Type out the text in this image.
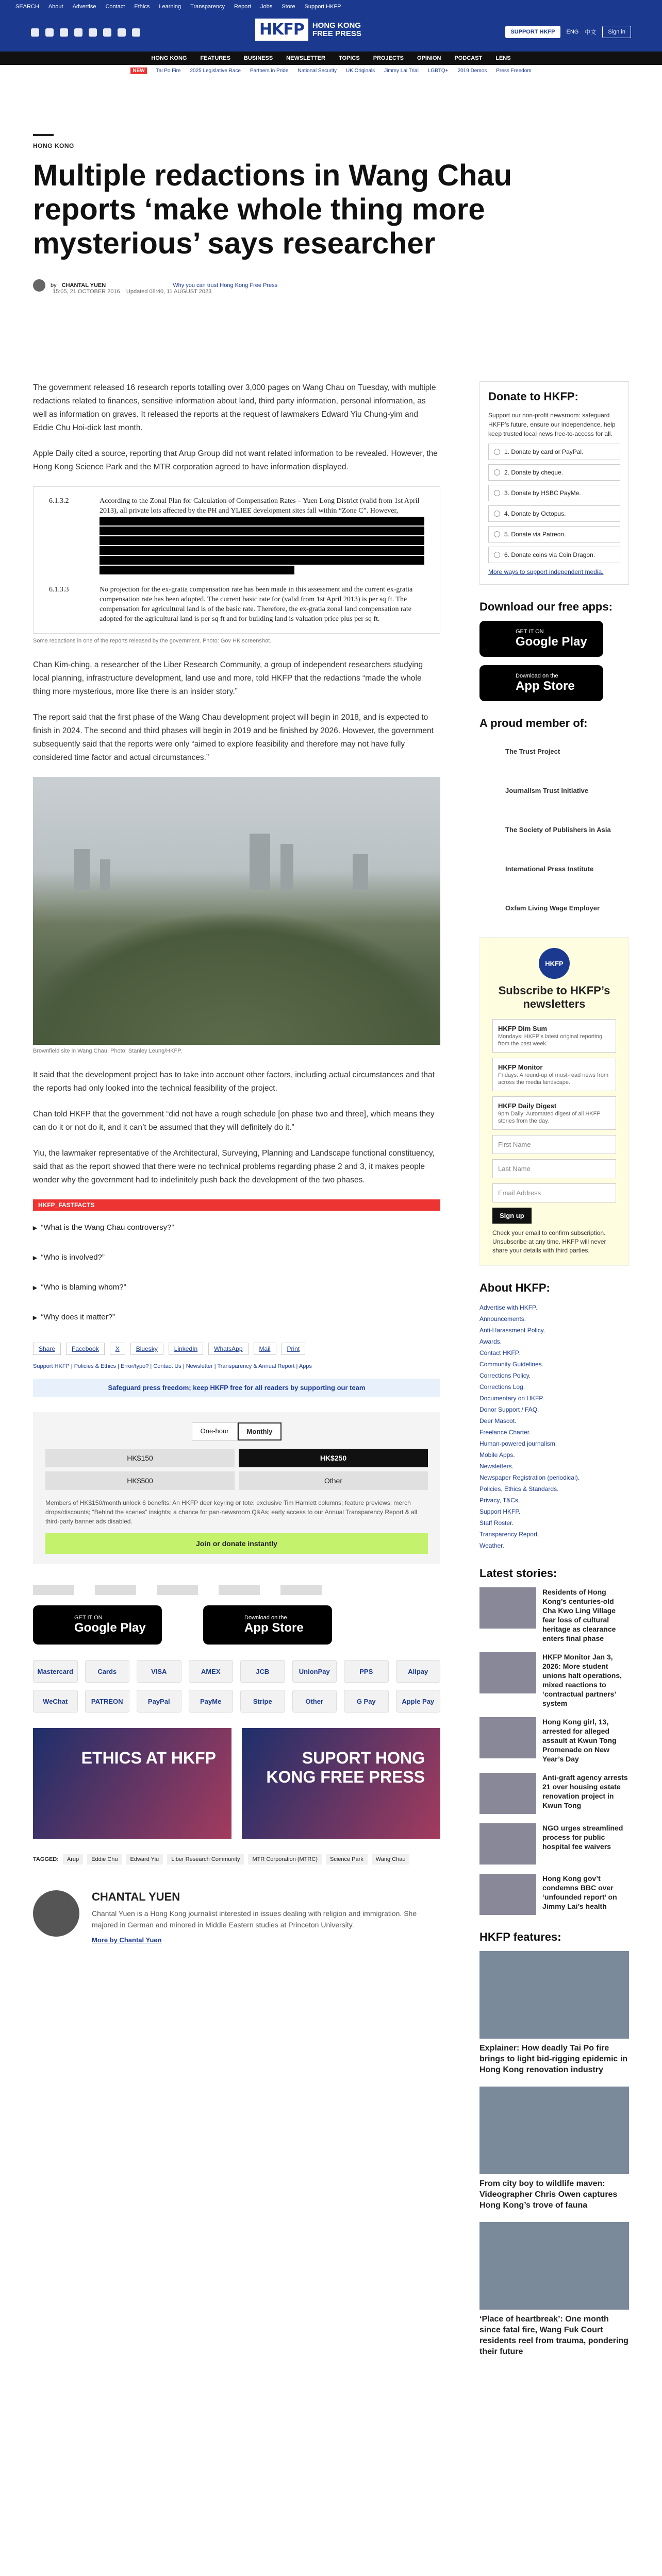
SEARCH About Advertise Contact Ethics Learning Transparency Report Jobs Store Support HKFP
HKFP	HONG KONG
FREE PRESS	SUPPORT HKFP	ENG 中文	Sign in
HONG KONG FEATURES BUSINESS NEWSLETTER TOPICS PROJECTS OPINION PODCAST LENS
NEW	Tai Po Fire 2025 Legislative Race Partners in Pride National Security UK Originals Jimmy Lai Trial LGBTQ+ 2019 Demos Press Freedom
HONG KONG
Multiple redactions in Wang Chau reports ‘make whole thing more mysterious’ says researcher
by CHANTAL YUEN	Why you can trust Hong Kong Free Press
15:05, 21 OCTOBER 2016 Updated 08:40, 11 AUGUST 2023

The government released 16 research reports totalling over 3,000 pages on Wang Chau on Tuesday, with multiple redactions related to finances, sensitive information about land, third party information, personal information, as well as information on graves. It released the reports at the request of lawmakers Edward Yiu Chung-yim and Eddie Chu Hoi-dick last month.

Apple Daily cited a source, reporting that Arup Group did not want related information to be revealed. However, the Hong Kong Science Park and the MTR corporation agreed to have information displayed.

6.1.3.2	According to the Zonal Plan for Calculation of Compensation Rates – Yuen Long District (valid from 1st April 2013), all private lots affected by the PH and YLIEE development sites fall within “Zone C”. However,
6.1.3.3	No projection for the ex-gratia compensation rate has been made in this assessment and the current ex-gratia compensation rate has been adopted. The current basic rate for (valid from 1st April 2013) is per sq ft. The compensation for agricultural land is of the basic rate. Therefore, the ex-gratia zonal land compensation rate adopted for the agricultural land is per sq ft and for building land is valuation price plus per sq ft.
Some redactions in one of the reports released by the government. Photo: Gov HK screenshot.

Chan Kim-ching, a researcher of the Liber Research Community, a group of independent researchers studying local planning, infrastructure development, land use and more, told HKFP that the redactions “made the whole thing more mysterious, more like there is an insider story.”

The report said that the first phase of the Wang Chau development project will begin in 2018, and is expected to finish in 2024. The second and third phases will begin in 2019 and be finished by 2026. However, the government subsequently said that the reports were only “aimed to explore feasibility and therefore may not have fully considered time factor and actual circumstances.”

Brownfield site in Wang Chau. Photo: Stanley Leung/HKFP.

It said that the development project has to take into account other factors, including actual circumstances and that the reports had only looked into the technical feasibility of the project.

Chan told HKFP that the government “did not have a rough schedule [on phase two and three], which means they can do it or not do it, and it can’t be assumed that they will definitely do it.”

Yiu, the lawmaker representative of the Architectural, Surveying, Planning and Landscape functional constituency, said that as the report showed that there were no technical problems regarding phase 2 and 3, it makes people wonder why the government had to indefinitely push back the development of the two phases.

HKFP_FASTFACTS
▸ “What is the Wang Chau controversy?”
▸ “Who is involved?”
▸ “Who is blaming whom?”
▸ “Why does it matter?”
Share	Facebook	X	Bluesky	LinkedIn	WhatsApp	Mail	Print
Support HKFP | Policies & Ethics | Error/typo? | Contact Us | Newsletter | Transparency & Annual Report | Apps
Safeguard press freedom; keep HKFP free for all readers by supporting our team
One-hour	Monthly
HK$150	HK$250
HK$500	Other
Members of HK$150/month unlock 6 benefits: An HKFP deer keyring or tote; exclusive Tim Hamlett columns; feature previews; merch drops/discounts; “Behind the scenes” insights; a chance for pan-newsroom Q&As; early access to our Annual Transparency Report & all third-party banner ads disabled.
Join or donate instantly
GET IT ON
Google Play
Download on the
App Store
Mastercard	Cards	VISA	AMEX	JCB	UnionPay	PPS	Alipay
WeChat	PATREON	PayPal	PayMe	Stripe	Other	G Pay	Apple Pay
ETHICS AT HKFP	SUPORT HONG KONG FREE PRESS
TAGGED:	Arup	Eddie Chu	Edward Yiu	Liber Research Community	MTR Corporation (MTRC)	Science Park	Wang Chau
CHANTAL YUEN

Chantal Yuen is a Hong Kong journalist interested in issues dealing with religion and immigration. She majored in German and minored in Middle Eastern studies at Princeton University.

More by Chantal Yuen
Donate to HKFP:

Support our non-profit newsroom: safeguard HKFP’s future, ensure our independence, help keep trusted local news free-to-access for all.

1. Donate by card or PayPal.
2. Donate by cheque.
3. Donate by HSBC PayMe.
4. Donate by Octopus.
5. Donate via Patreon.
6. Donate coins via Coin Dragon.
More ways to support independent media.
Download our free apps:
GET IT ON
Google Play
Download on the
App Store
A proud member of:
The Trust Project
Journalism Trust Initiative
The Society of Publishers in Asia
International Press Institute
Oxfam Living Wage Employer
HKFP
Subscribe to HKFP’s newsletters
HKFP Dim Sum
Mondays: HKFP’s latest original reporting from the past week.
HKFP Monitor
Fridays: A round-up of must-read news from across the media landscape.
HKFP Daily Digest
9pm Daily: Automated digest of all HKFP stories from the day.
First Name
Last Name
Email Address
Sign up

Check your email to confirm subscription. Unsubscribe at any time. HKFP will never share your details with third parties.

About HKFP:
Advertise with HKFP.
Announcements.
Anti-Harassment Policy.
Awards.
Contact HKFP.
Community Guidelines.
Corrections Policy.
Corrections Log.
Documentary on HKFP.
Donor Support / FAQ.
Deer Mascot.
Freelance Charter.
Human-powered journalism.
Mobile Apps.
Newsletters.
Newspaper Registration (periodical).
Policies, Ethics & Standards.
Privacy, T&Cs.
Support HKFP.
Staff Roster.
Transparency Report.
Weather.
Latest stories:

Residents of Hong Kong’s centuries-old Cha Kwo Ling Village fear loss of cultural heritage as clearance enters final phase

HKFP Monitor Jan 3, 2026: More student unions halt operations, mixed reactions to ‘contractual partners’ system

Hong Kong girl, 13, arrested for alleged assault at Kwun Tong Promenade on New Year’s Day

Anti-graft agency arrests 21 over housing estate renovation project in Kwun Tong

NGO urges streamlined process for public hospital fee waivers

Hong Kong gov’t condemns BBC over ‘unfounded report’ on Jimmy Lai’s health

HKFP features:

Explainer: How deadly Tai Po fire brings to light bid-rigging epidemic in Hong Kong renovation industry

From city boy to wildlife maven: Videographer Chris Owen captures Hong Kong’s trove of fauna

‘Place of heartbreak’: One month since fatal fire, Wang Fuk Court residents reel from trauma, pondering their future
